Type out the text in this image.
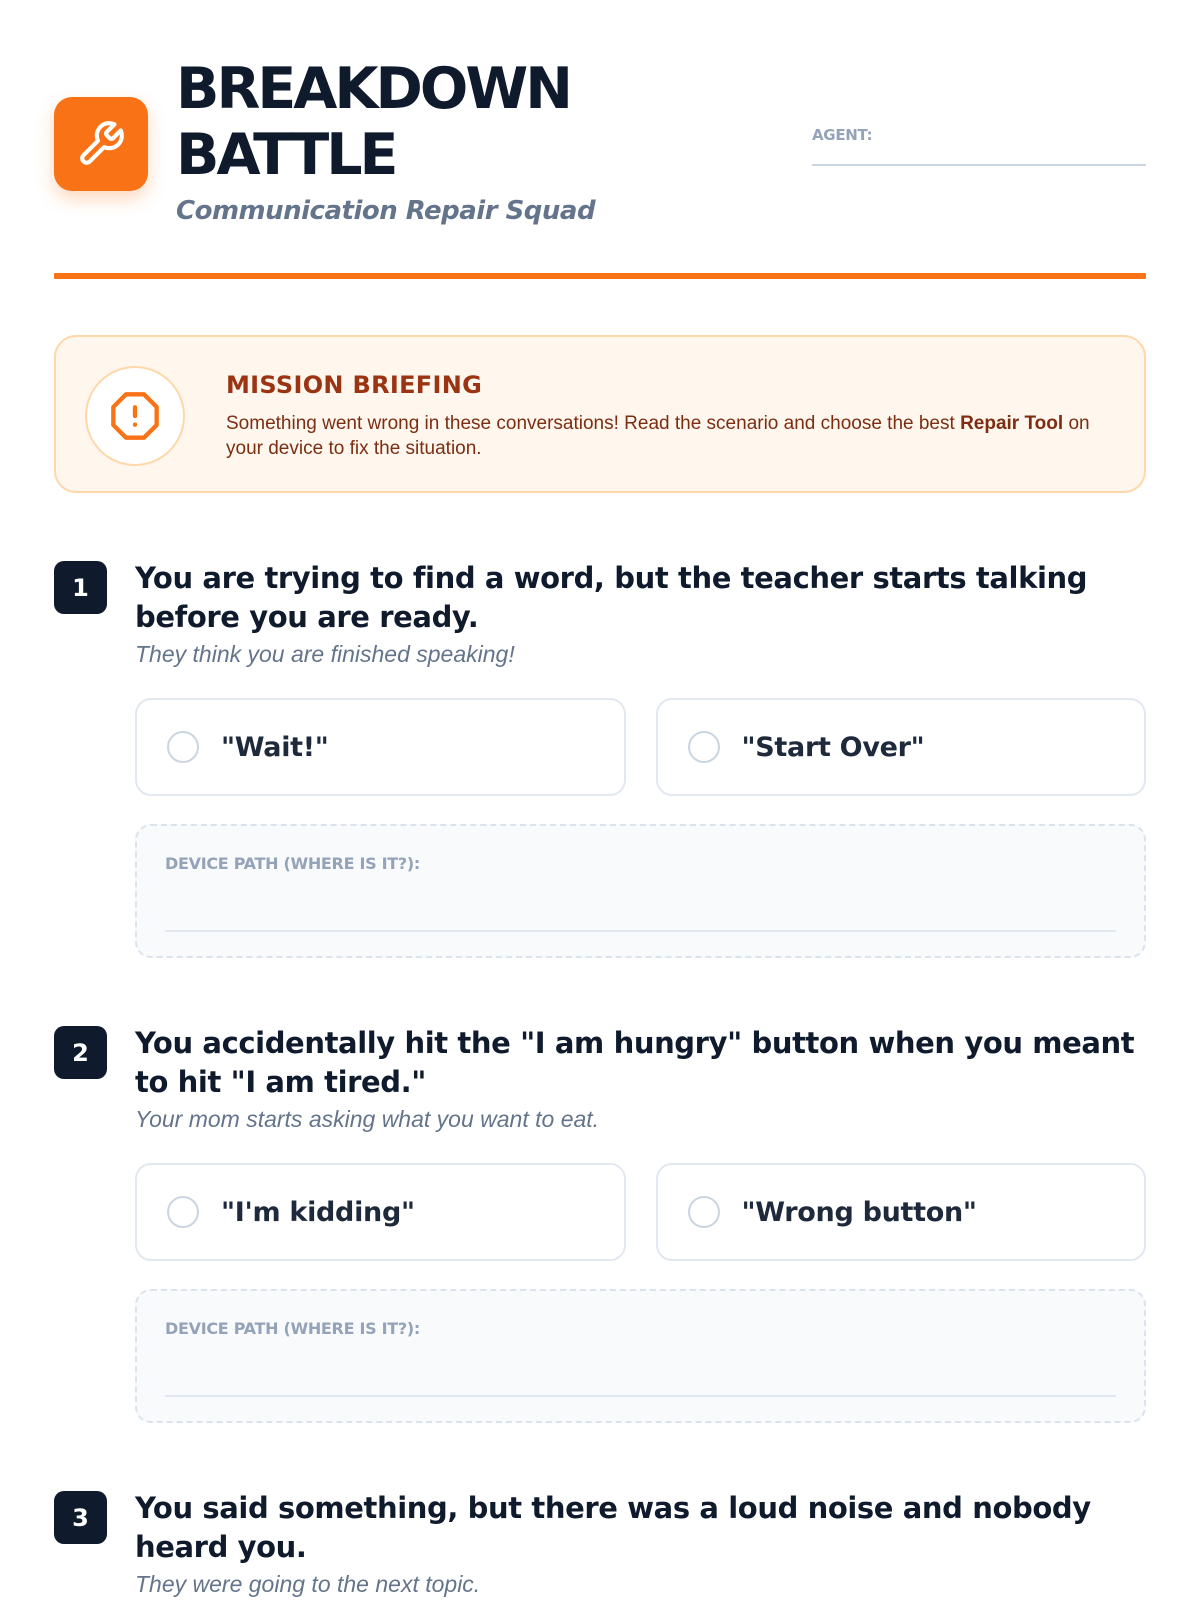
BREAKDOWN
BATTLE
Communication Repair Squad
AGENT:
MISSION BRIEFING
Something went wrong in these conversations! Read the scenario and choose the best Repair Tool on your device to fix the situation.
1	You are trying to find a word, but the teacher starts talking before you are ready.
They think you are finished speaking!
"Wait!"	"Start Over"
DEVICE PATH (WHERE IS IT?):
2	You accidentally hit the "I am hungry" button when you meant to hit "I am tired."
Your mom starts asking what you want to eat.
"I'm kidding"	"Wrong button"
DEVICE PATH (WHERE IS IT?):
3	You said something, but there was a loud noise and nobody heard you.
They were going to the next topic.
